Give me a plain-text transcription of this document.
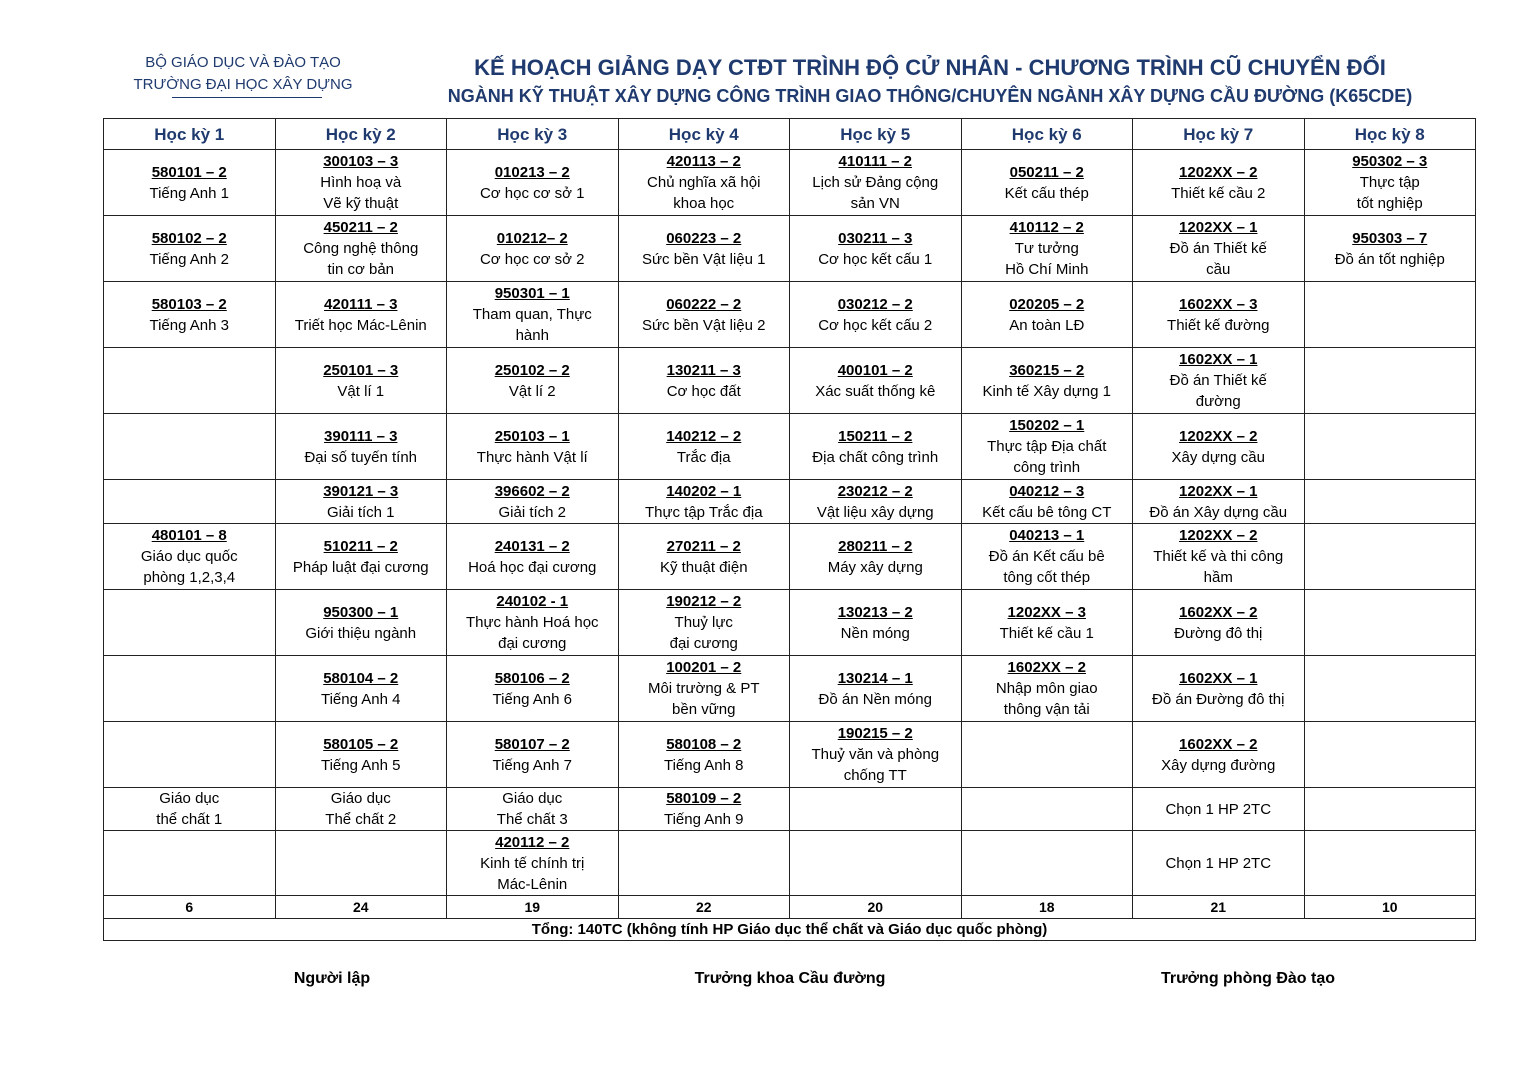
BỘ GIÁO DỤC VÀ ĐÀO TẠO
TRƯỜNG ĐẠI HỌC XÂY DỰNG
KẾ HOẠCH GIẢNG DẠY CTĐT TRÌNH ĐỘ CỬ NHÂN - CHƯƠNG TRÌNH CŨ CHUYỂN ĐỔI
NGÀNH KỸ THUẬT XÂY DỰNG CÔNG TRÌNH GIAO THÔNG/CHUYÊN NGÀNH XÂY DỰNG CẦU ĐƯỜNG (K65CDE)
Học kỳ 1	Học kỳ 2	Học kỳ 3	Học kỳ 4	Học kỳ 5	Học kỳ 6	Học kỳ 7	Học kỳ 8

580101 – 2
Tiếng Anh 1	300103 – 3
Hình hoạ và
Vẽ kỹ thuật	010213 – 2
Cơ học cơ sở 1	420113 – 2
Chủ nghĩa xã hội
khoa học	410111 – 2
Lịch sử Đảng cộng
sản VN	050211 – 2
Kết cấu thép	1202XX – 2
Thiết kế cầu 2	950302 – 3
Thực tập
tốt nghiệp

580102 – 2
Tiếng Anh 2	450211 – 2
Công nghệ thông
tin cơ bản	010212– 2
Cơ học cơ sở 2	060223 – 2
Sức bền Vật liệu 1	030211 – 3
Cơ học kết cấu 1	410112 – 2
Tư tưởng
Hồ Chí Minh	1202XX – 1
Đồ án Thiết kế
cầu	950303 – 7
Đồ án tốt nghiệp

580103 – 2
Tiếng Anh 3	420111 – 3
Triết học Mác-Lênin	950301 – 1
Tham quan, Thực
hành	060222 – 2
Sức bền Vật liệu 2	030212 – 2
Cơ học kết cấu 2	020205 – 2
An toàn LĐ	1602XX – 3
Thiết kế đường	

	250101 – 3
Vật lí 1	250102 – 2
Vật lí 2	130211 – 3
Cơ học đất	400101 – 2
Xác suất thống kê	360215 – 2
Kinh tế Xây dựng 1	1602XX – 1
Đồ án Thiết kế
đường	

	390111 – 3
Đại số tuyến tính	250103 – 1
Thực hành Vật lí	140212 – 2
Trắc địa	150211 – 2
Địa chất công trình	150202 – 1
Thực tập Địa chất
công trình	1202XX – 2
Xây dựng cầu	

	390121 – 3
Giải tích 1	396602 – 2
Giải tích 2	140202 – 1
Thực tập Trắc địa	230212 – 2
Vật liệu xây dựng	040212 – 3
Kết cấu bê tông CT	1202XX – 1
Đồ án Xây dựng cầu	

480101 – 8
Giáo dục quốc
phòng 1,2,3,4	510211 – 2
Pháp luật đại cương	240131 – 2
Hoá học đại cương	270211 – 2
Kỹ thuật điện	280211 – 2
Máy xây dựng	040213 – 1
Đồ án Kết cấu bê
tông cốt thép	1202XX – 2
Thiết kế và thi công
hầm	

	950300 – 1
Giới thiệu ngành	240102 - 1
Thực hành Hoá học
đại cương	190212 – 2
Thuỷ lực
đại cương	130213 – 2
Nền móng	1202XX – 3
Thiết kế cầu 1	1602XX – 2
Đường đô thị	

	580104 – 2
Tiếng Anh 4	580106 – 2
Tiếng Anh 6	100201 – 2
Môi trường & PT
bền vững	130214 – 1
Đồ án Nền móng	1602XX – 2
Nhập môn giao
thông vận tải	1602XX – 1
Đồ án Đường đô thị	

	580105 – 2
Tiếng Anh 5	580107 – 2
Tiếng Anh 7	580108 – 2
Tiếng Anh 8	190215 – 2
Thuỷ văn và phòng
chống TT		1602XX – 2
Xây dựng đường	

Giáo dục
thể chất 1	Giáo dục
Thể chất 2	Giáo dục
Thể chất 3	580109 – 2
Tiếng Anh 9			Chọn 1 HP 2TC	

		420112 – 2
Kinh tế chính trị
Mác-Lênin				Chọn 1 HP 2TC	

6	24	19	22	20	18	21	10
Tổng: 140TC (không tính HP Giáo dục thể chất và Giáo dục quốc phòng)							
Người lập	Trưởng khoa Cầu đường	Trưởng phòng Đào tạo
